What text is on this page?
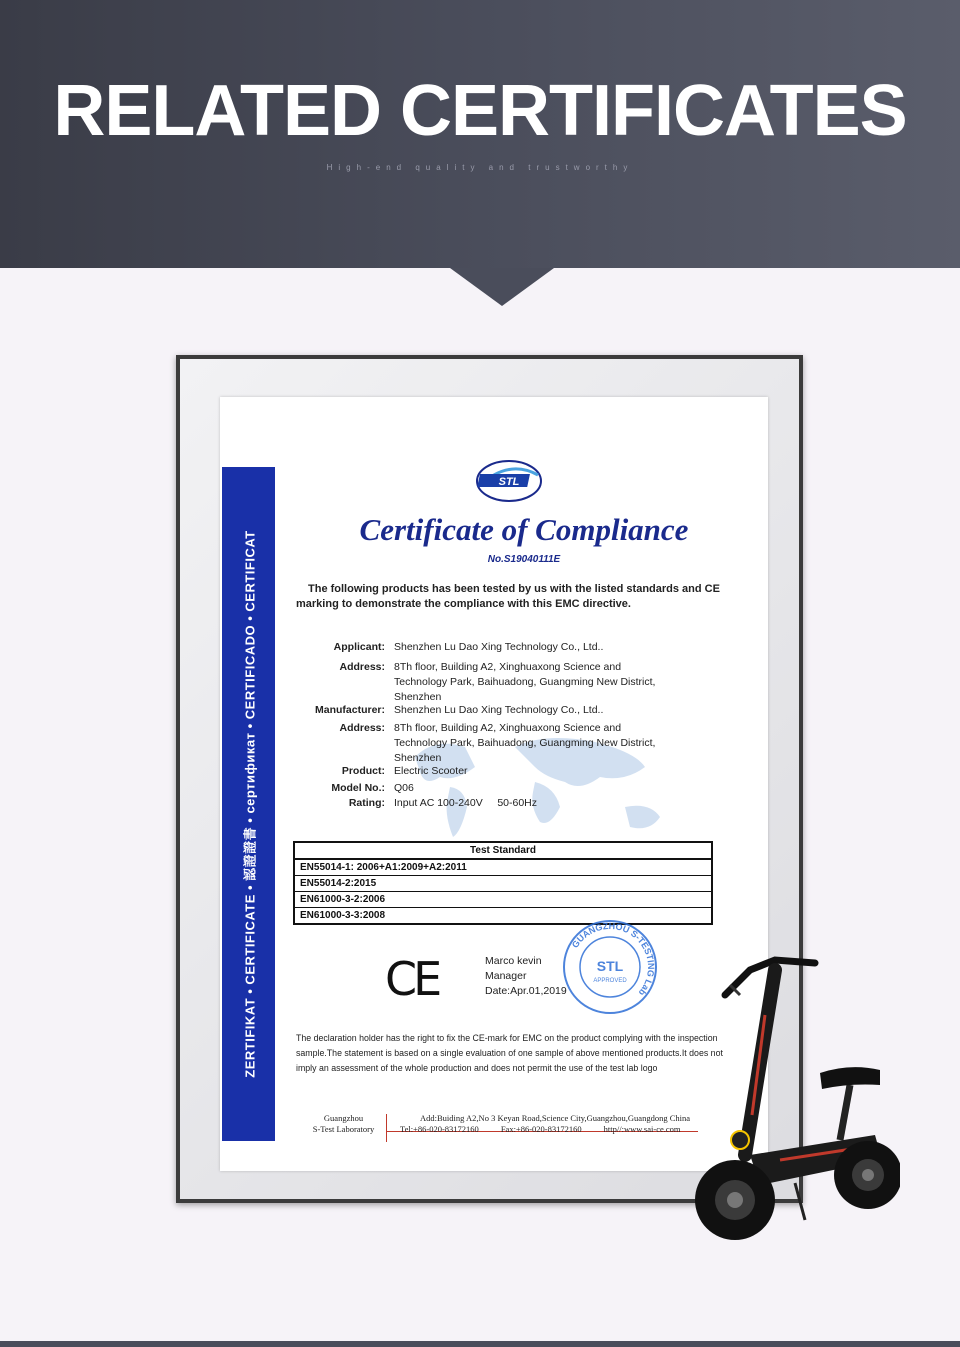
RELATED CERTIFICATES
High-end quality and trustworthy
ZERTIFIKAT • CERTIFICATE • 認證證書 • сертификат • CERTIFICADO • CERTIFICAT
STL
Certificate of Compliance
No.S19040111E
The following products has been tested by us with the listed standards and CE marking to demonstrate the compliance with this EMC directive.
Applicant: Shenzhen Lu Dao Xing Technology Co., Ltd..
Address: 8Th floor, Building A2, Xinghuaxong Science and
Technology Park, Baihuadong, Guangming New District,
Shenzhen
Manufacturer: Shenzhen Lu Dao Xing Technology Co., Ltd..
Address: 8Th floor, Building A2, Xinghuaxong Science and
Technology Park, Baihuadong, Guangming New District,
Shenzhen
Product: Electric Scooter
Model No.: Q06
Rating: Input AC 100-240V     50-60Hz
Test Standard
EN55014-1: 2006+A1:2009+A2:2011
EN55014-2:2015
EN61000-3-2:2006
EN61000-3-3:2008
CE	Marco kevin
Manager
Date:Apr.01,2019
GUANGZHOU S-TESTING Lab
STL
APPROVED
The declaration holder has the right to fix the CE-mark for EMC on the product complying with the inspection sample.The statement is based on a single evaluation of one sample of above mentioned products.It does not imply an assessment of the whole production and does not permit the use of the test lab logo
Guangzhou
S-Test Laboratory
Add:Buiding A2,No 3 Keyan Road,Science City,Guangzhou,Guangdong China
Tel:+86-020-83172160	Fax:+86-020-83172160	http//:www.sai-ce.com
